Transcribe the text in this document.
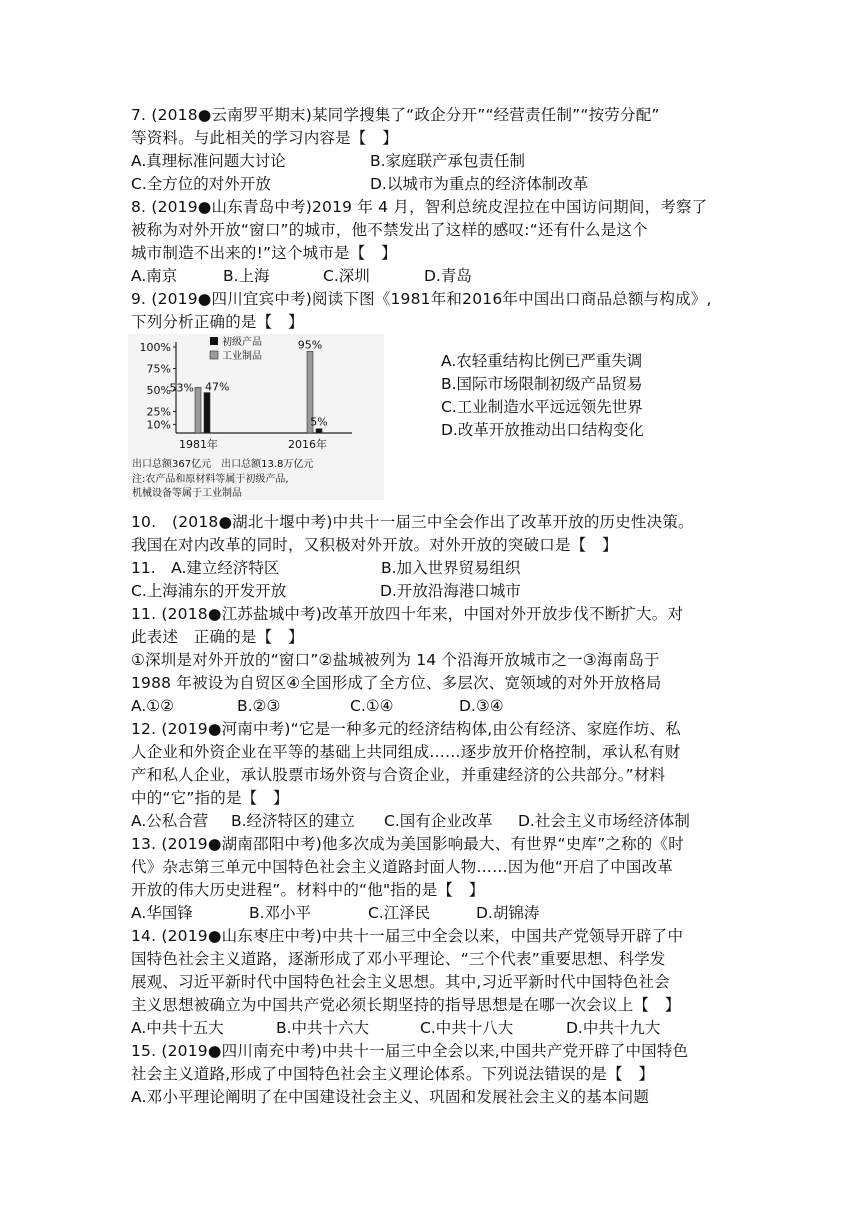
7. (2018●云南罗平期末)某同学搜集了“政企分开”“经营责任制”“按劳分配”
等资料。与此相关的学习内容是【　】
A.真理标准问题大讨论	B.家庭联产承包责任制
C.全方位的对外开放	D.以城市为重点的经济体制改革
8. (2019●山东青岛中考)2019 年 4 月，智利总统皮涅拉在中国访问期间，考察了
被称为对外开放“窗口”的城市，他不禁发出了这样的感叹:“还有什么是这个
城市制造不出来的!”这个城市是【　】
A.南京	B.上海	C.深圳	D.青岛
9. (2019●四川宜宾中考)阅读下图《1981年和2016年中国出口商品总额与构成》,
下列分析正确的是【　】
100%
75%
50%
25%
10%
初级产品
工业制品
53% 47%
95%
5%
1981年	2016年
出口总额367亿元　出口总额13.8万亿元
注:农产品和原材料等属于初级产品,
机械设备等属于工业制品
A.农轻重结构比例已严重失调
B.国际市场限制初级产品贸易
C.工业制造水平远远领先世界
D.改革开放推动出口结构变化
10.　(2018●湖北十堰中考)中共十一届三中全会作出了改革开放的历史性决策。
我国在对内改革的同时，又积极对外开放。对外开放的突破口是【　】
11.　A.建立经济特区	B.加入世界贸易组织
C.上海浦东的开发开放	D.开放沿海港口城市
11. (2018●江苏盐城中考)改革开放四十年来，中国对外开放步伐不断扩大。对
此表述　正确的是【　】
①深圳是对外开放的“窗口”②盐城被列为 14 个沿海开放城市之一③海南岛于
1988 年被设为自贸区④全国形成了全方位、多层次、宽领域的对外开放格局
A.①②	B.②③	C.①④	D.③④
12. (2019●河南中考)“它是一种多元的经济结构体,由公有经济、家庭作坊、私
人企业和外资企业在平等的基础上共同组成……逐步放开价格控制，承认私有财
产和私人企业，承认股票市场外资与合资企业，并重建经济的公共部分。”材料
中的“它”指的是【　】
A.公私合营 B.经济特区的建立 C.国有企业改革 D.社会主义市场经济体制
13. (2019●湖南邵阳中考)他多次成为美国影响最大、有世界“史库”之称的《时
代》杂志第三单元中国特色社会主义道路封面人物……因为他“开启了中国改革
开放的伟大历史进程”。材料中的“他"指的是【　】
A.华国锋	B.邓小平	C.江泽民	D.胡锦涛
14. (2019●山东枣庄中考)中共十一届三中全会以来，中国共产党领导开辟了中
国特色社会主义道路，逐渐形成了邓小平理论、“三个代表”重要思想、科学发
展观、习近平新时代中国特色社会主义思想。其中,习近平新时代中国特色社会
主义思想被确立为中国共产党必须长期坚持的指导思想是在哪一次会议上【　】
A.中共十五大	B.中共十六大	C.中共十八大	D.中共十九大
15. (2019●四川南充中考)中共十一届三中全会以来,中国共产党开辟了中国特色
社会主义道路,形成了中国特色社会主义理论体系。下列说法错误的是【　】
A.邓小平理论阐明了在中国建设社会主义、巩固和发展社会主义的基本问题
